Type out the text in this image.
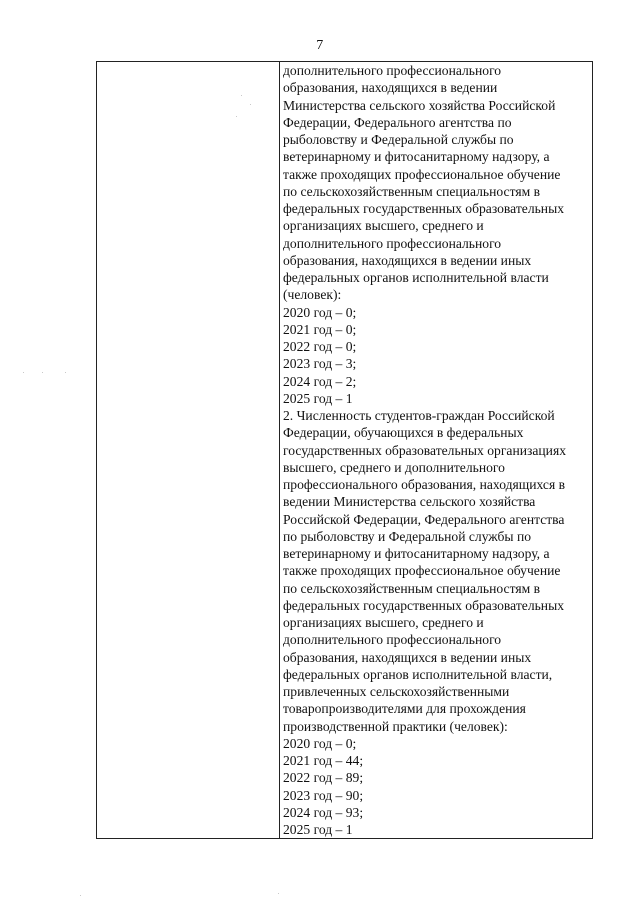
7
дополнительного профессионального
образования, находящихся в ведении
Министерства сельского хозяйства Российской
Федерации, Федерального агентства по
рыболовству и Федеральной службы по
ветеринарному и фитосанитарному надзору, а
также проходящих профессиональное обучение
по сельскохозяйственным специальностям в
федеральных государственных образовательных
организациях высшего, среднего и
дополнительного профессионального
образования, находящихся в ведении иных
федеральных органов исполнительной власти
(человек):
2020 год – 0;
2021 год – 0;
2022 год – 0;
2023 год – 3;
2024 год – 2;
2025 год – 1
2. Численность студентов-граждан Российской
Федерации, обучающихся в федеральных
государственных образовательных организациях
высшего, среднего и дополнительного
профессионального образования, находящихся в
ведении Министерства сельского хозяйства
Российской Федерации, Федерального агентства
по рыболовству и Федеральной службы по
ветеринарному и фитосанитарному надзору, а
также проходящих профессиональное обучение
по сельскохозяйственным специальностям в
федеральных государственных образовательных
организациях высшего, среднего и
дополнительного профессионального
образования, находящихся в ведении иных
федеральных органов исполнительной власти,
привлеченных сельскохозяйственными
товаропроизводителями для прохождения
производственной практики (человек):
2020 год – 0;
2021 год – 44;
2022 год – 89;
2023 год – 90;
2024 год – 93;
2025 год – 1
